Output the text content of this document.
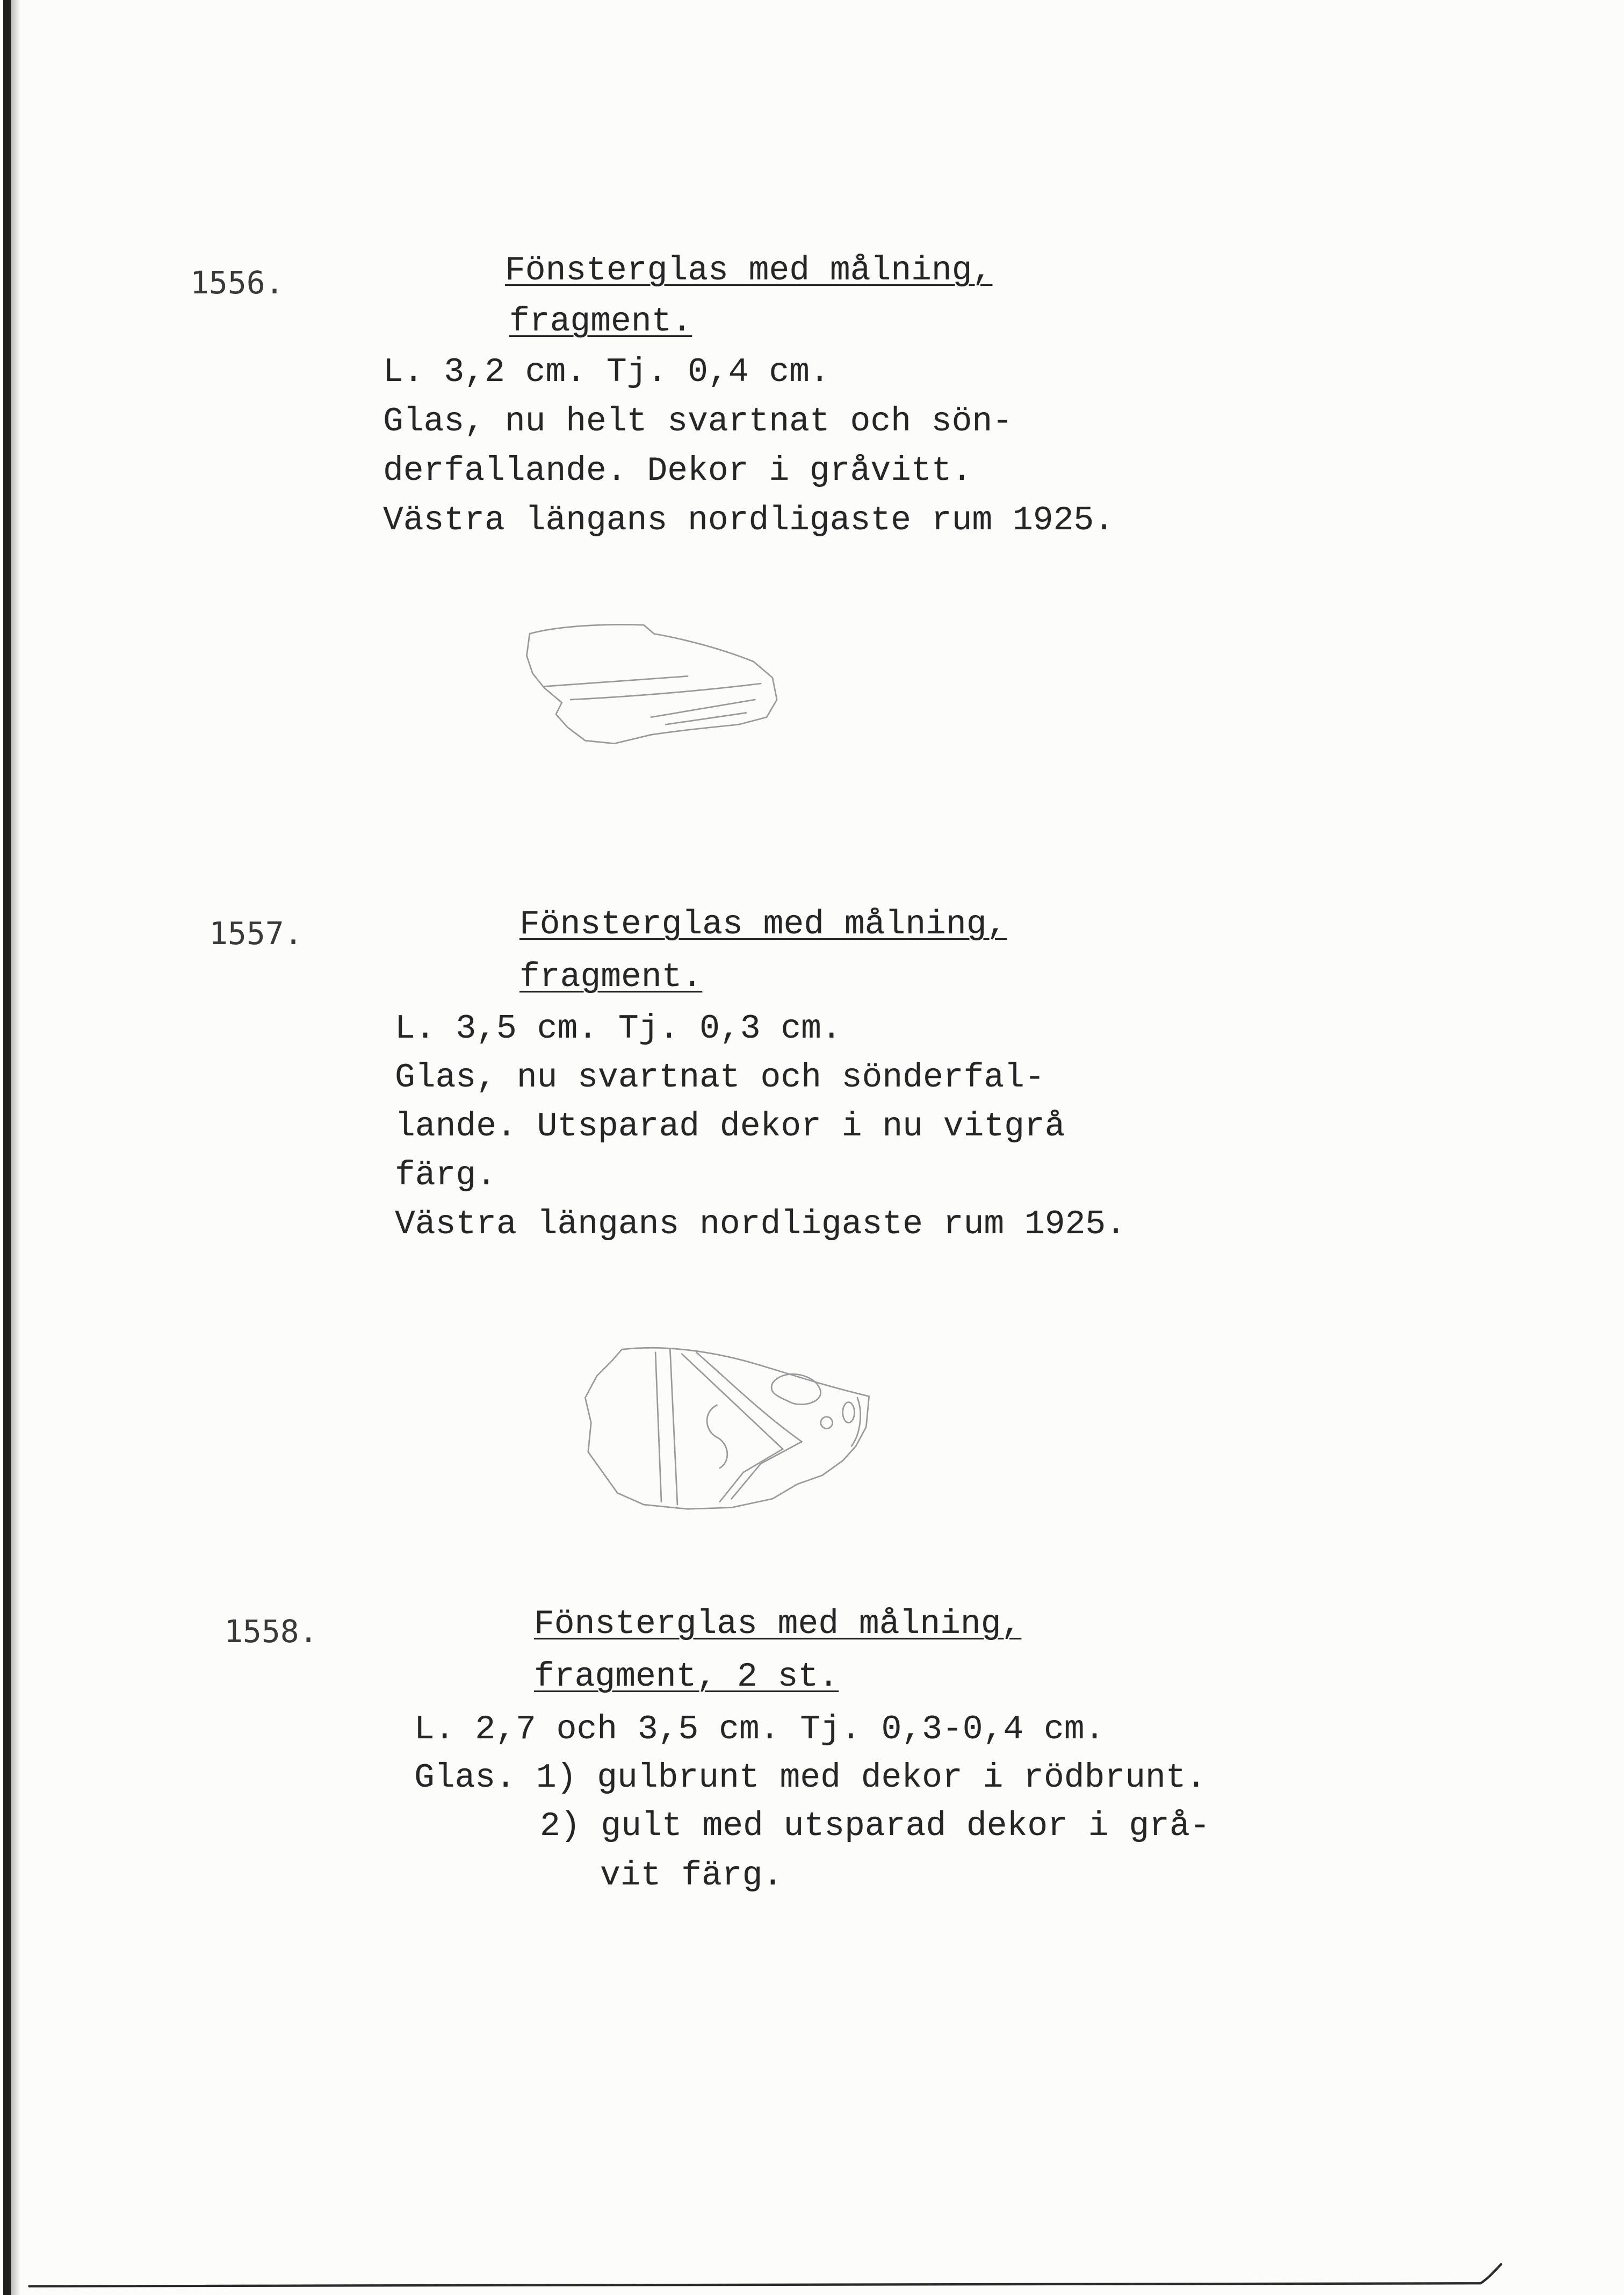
1556.	Fönsterglas med målning,
fragment.
L. 3,2 cm. Tj. 0,4 cm.
Glas, nu helt svartnat och sön-
derfallande. Dekor i gråvitt.
Västra längans nordligaste rum 1925.
1557.	Fönsterglas med målning,
fragment.
L. 3,5 cm. Tj. 0,3 cm.
Glas, nu svartnat och sönderfal-
lande. Utsparad dekor i nu vitgrå
färg.
Västra längans nordligaste rum 1925.
1558.	Fönsterglas med målning,
fragment, 2 st.
L. 2,7 och 3,5 cm. Tj. 0,3-0,4 cm.
Glas. 1) gulbrunt med dekor i rödbrunt.
2) gult med utsparad dekor i grå-
vit färg.
